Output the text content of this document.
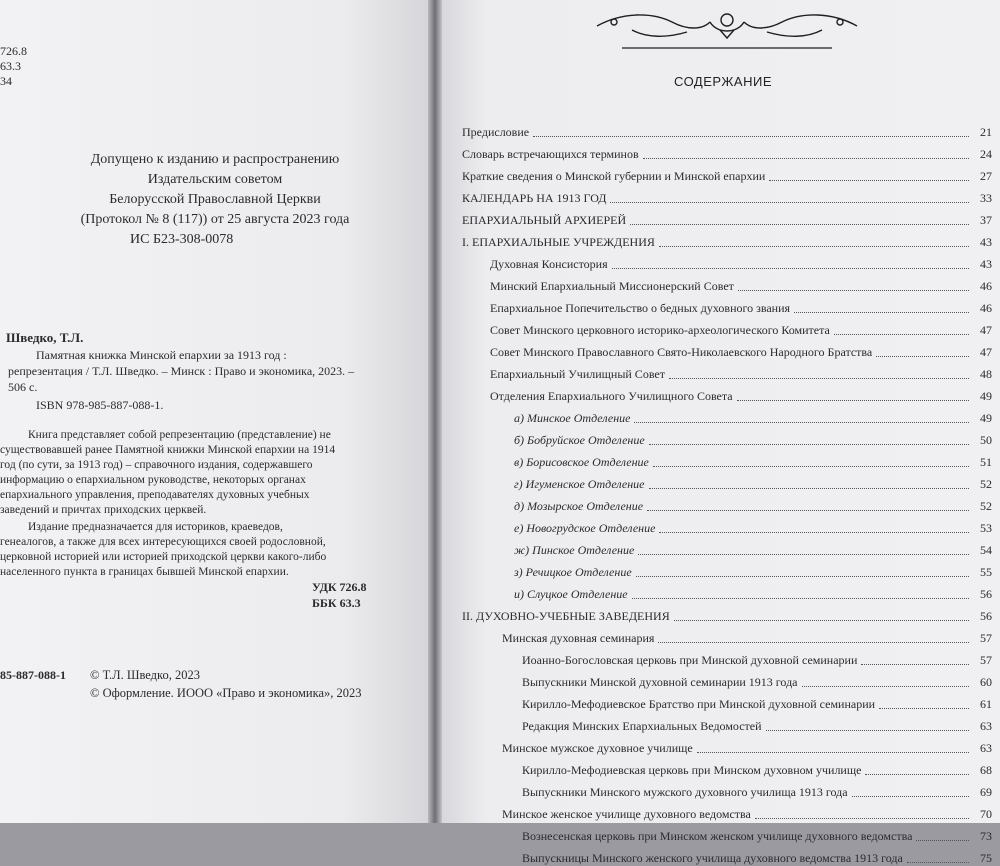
726.8
63.3
34
Допущено к изданию и распространению
Издательским советом
Белорусской Православной Церкви
(Протокол № 8 (117)) от 25 августа 2023 года
ИС Б23-308-0078
Шведко, Т.Л.
Памятная книжка Минской епархии за 1913 год :
репрезентация / Т.Л. Шведко. – Минск : Право и экономика, 2023. –
506 с.
ISBN 978-985-887-088-1.
Книга представляет собой репрезентацию (представление) не
существовавшей ранее Памятной книжки Минской епархии на 1914
год (по сути, за 1913 год) – справочного издания, содержавшего
информацию о епархиальном руководстве, некоторых органах
епархиального управления, преподавателях духовных учебных
заведений и причтах приходских церквей.
Издание предназначается для историков, краеведов,
генеалогов, а также для всех интересующихся своей родословной,
церковной историей или историей приходской церкви какого-либо
населенного пункта в границах бывшей Минской епархии.
УДК 726.8
ББК 63.3
85-887-088-1 © Т.Л. Шведко, 2023
© Оформление. ИООО «Право и экономика», 2023
СОДЕРЖАНИЕ
Предисловие	21
Словарь встречающихся терминов	24
Краткие сведения о Минской губернии и Минской епархии	27
КАЛЕНДАРЬ НА 1913 ГОД	33
ЕПАРХИАЛЬНЫЙ АРХИЕРЕЙ	37
I. ЕПАРХИАЛЬНЫЕ УЧРЕЖДЕНИЯ	43
Духовная Консистория	43
Минский Епархиальный Миссионерский Совет	46
Епархиальное Попечительство о бедных духовного звания	46
Совет Минского церковного историко-археологического Комитета	47
Совет Минского Православного Свято-Николаевского Народного Братства	47
Епархиальный Училищный Совет	48
Отделения Епархиального Училищного Совета	49
а) Минское Отделение	49
б) Бобруйское Отделение	50
в) Борисовское Отделение	51
г) Игуменское Отделение	52
д) Мозырское Отделение	52
е) Новогрудское Отделение	53
ж) Пинское Отделение	54
з) Речицкое Отделение	55
и) Слуцкое Отделение	56
II. ДУХОВНО-УЧЕБНЫЕ ЗАВЕДЕНИЯ	56
Минская духовная семинария	57
Иоанно-Богословская церковь при Минской духовной семинарии	57
Выпускники Минской духовной семинарии 1913 года	60
Кирилло-Мефодиевское Братство при Минской духовной семинарии	61
Редакция Минских Епархиальных Ведомостей	63
Минское мужское духовное училище	63
Кирилло-Мефодиевская церковь при Минском духовном училище	68
Выпускники Минского мужского духовного училища 1913 года	69
Минское женское училище духовного ведомства	70
Вознесенская церковь при Минском женском училище духовного ведомства	73
Выпускницы Минского женского училища духовного ведомства 1913 года	75
